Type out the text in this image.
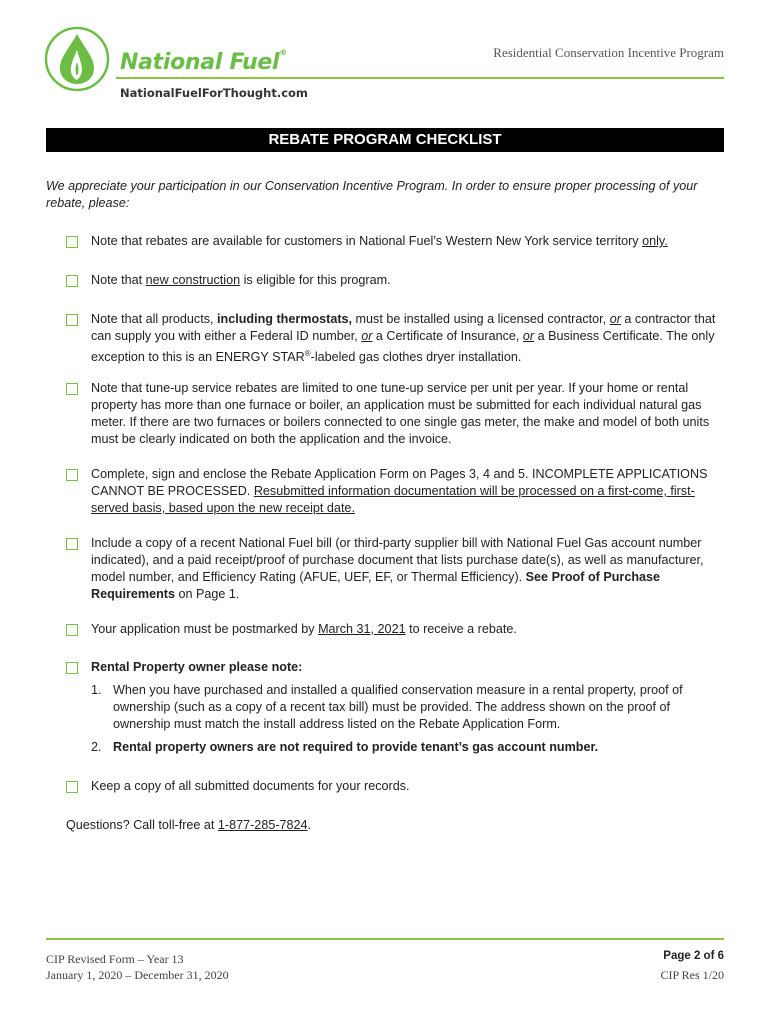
National Fuel®
NationalFuelForThought.com
Residential Conservation Incentive Program
REBATE PROGRAM CHECKLIST
We appreciate your participation in our Conservation Incentive Program. In order to ensure proper processing of your rebate, please:
Note that rebates are available for customers in National Fuel’s Western New York service territory only.
Note that new construction is eligible for this program.
Note that all products, including thermostats, must be installed using a licensed contractor, or a contractor that can supply you with either a Federal ID number, or a Certificate of Insurance, or a Business Certificate. The only exception to this is an ENERGY STAR®-labeled gas clothes dryer installation.
Note that tune-up service rebates are limited to one tune-up service per unit per year. If your home or rental property has more than one furnace or boiler, an application must be submitted for each individual natural gas meter. If there are two furnaces or boilers connected to one single gas meter, the make and model of both units must be clearly indicated on both the application and the invoice.
Complete, sign and enclose the Rebate Application Form on Pages 3, 4 and 5. INCOMPLETE APPLICATIONS CANNOT BE PROCESSED. Resubmitted information documentation will be processed on a first-come, first-served basis, based upon the new receipt date.
Include a copy of a recent National Fuel bill (or third-party supplier bill with National Fuel Gas account number indicated), and a paid receipt/proof of purchase document that lists purchase date(s), as well as manufacturer, model number, and Efficiency Rating (AFUE, UEF, EF, or Thermal Efficiency). See Proof of Purchase Requirements on Page 1.
Your application must be postmarked by March 31, 2021 to receive a rebate.
Rental Property owner please note:
1. When you have purchased and installed a qualified conservation measure in a rental property, proof of ownership (such as a copy of a recent tax bill) must be provided. The address shown on the proof of ownership must match the install address listed on the Rebate Application Form.
2. Rental property owners are not required to provide tenant’s gas account number.
Keep a copy of all submitted documents for your records.
Questions? Call toll-free at 1-877-285-7824.
CIP Revised Form – Year 13
January 1, 2020 – December 31, 2020
Page 2 of 6
CIP Res 1/20
